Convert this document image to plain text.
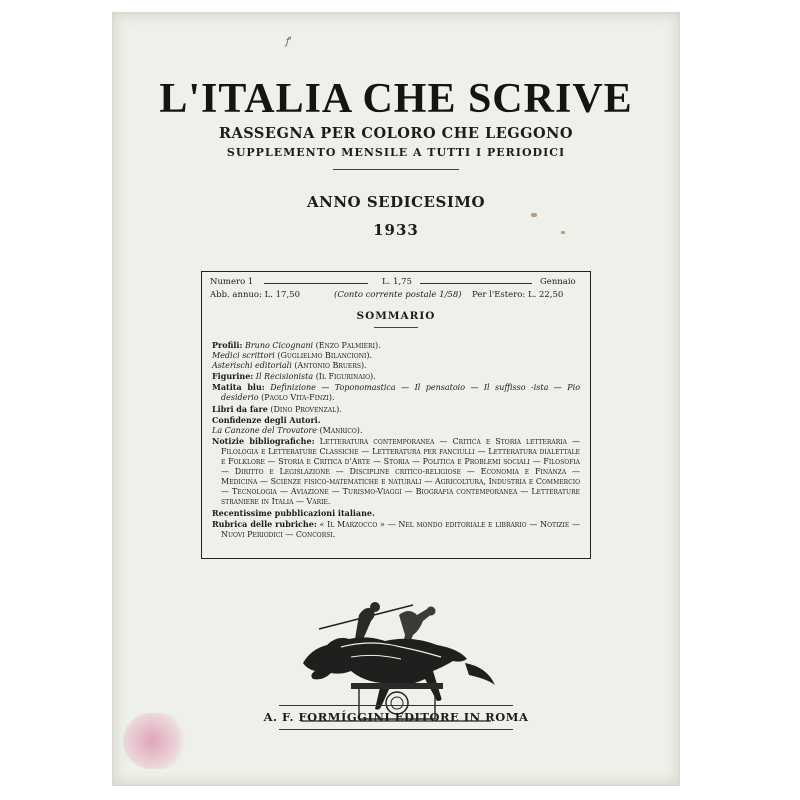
ꝭ
L'ITALIA CHE SCRIVE
RASSEGNA PER COLORO CHE LEGGONO
SUPPLEMENTO MENSILE A TUTTI I PERIODICI
ANNO SEDICESIMO
1933
Numero 1	L. 1,75	Gennaio
Abb. annuo: L. 17,50	(Conto corrente postale 1/58) Per l'Estero: L. 22,50
SOMMARIO

Profili: Bruno Cicognani (Enzo Palmieri).

Medici scrittori (Guglielmo Bilancioni).

Asterischi editoriali (Antonio Bruers).

Figurine: Il Recisionista (Il Figurinaio).

Matita blu: Definizione — Toponomastica — Il pensatoio — Il suffisso -ista — Pio desiderio (Paolo Vita-Finzi).

Libri da fare (Dino Provenzal).

Confidenze degli Autori.

La Canzone del Trovatore (Manrico).

Notizie bibliografiche: Letteratura contemporanea — Critica e Storia letteraria — Filologia e Letterature Classiche — Letteratura per fanciulli — Letteratura dialettale e Folklore — Storia e Critica d'Arte — Storia — Politica e Problemi sociali — Filosofia — Diritto e Legislazione — Discipline critico-religiose — Economia e Finanza — Medicina — Scienze fisico-matematiche e naturali — Agricoltura, Industria e Commercio — Tecnologia — Aviazione — Turismo-Viaggi — Biografia contemporanea — Letterature straniere in Italia — Varie.

Recentissime pubblicazioni italiane.

Rubrica delle rubriche: « Il Marzocco » — Nel mondo editoriale e librario — Notizie — Nuovi Periodici — Concorsi.

A. F. FORMÍGGINI EDITORE IN ROMA
